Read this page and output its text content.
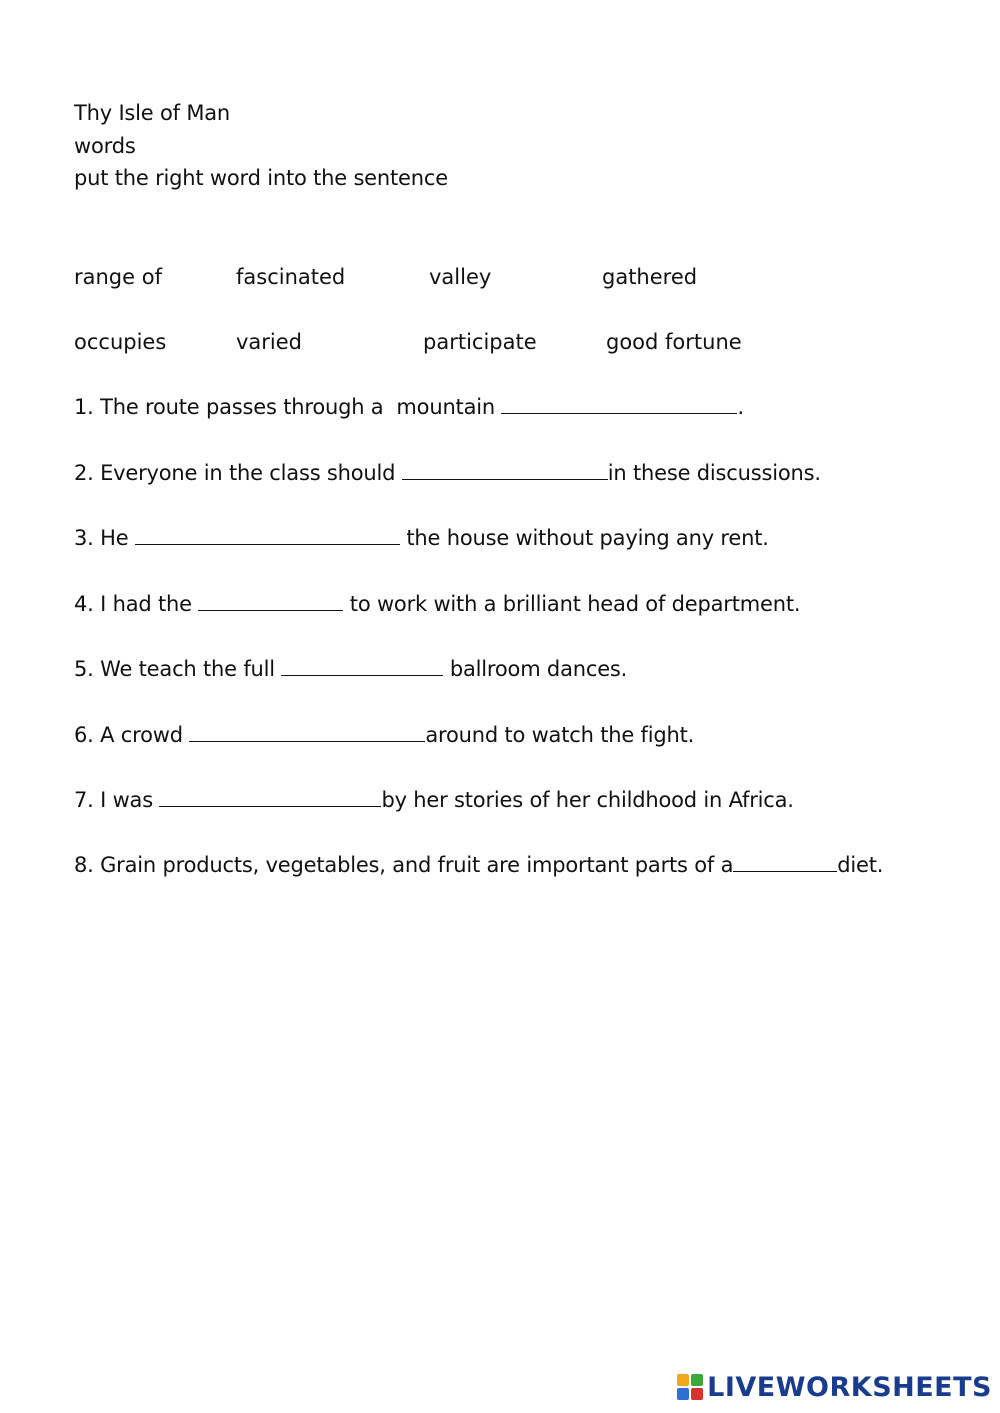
Thy Isle of Man
words
put the right word into the sentence
range of	fascinated	valley	gathered
occupies	varied	participate	good fortune
1. The route passes through a  mountain	.
2. Everyone in the class should	in these discussions.
3. He	the house without paying any rent.
4. I had the	to work with a brilliant head of department.
5. We teach the full	ballroom dances.
6. A crowd	around to watch the fight.
7. I was	by her stories of her childhood in Africa.
8. Grain products, vegetables, and fruit are important parts of a	diet.
LIVEWORKSHEETS
